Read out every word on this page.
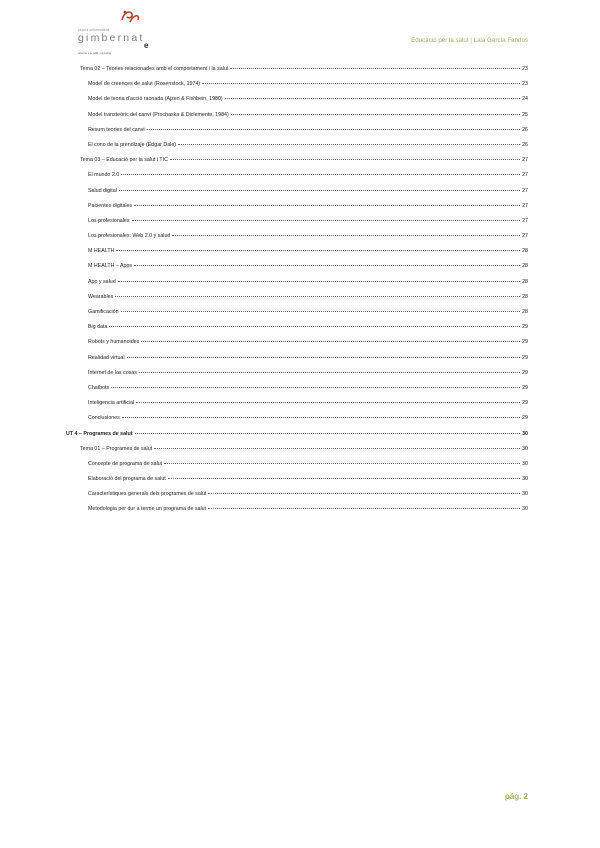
escola universitària
gimbernat
e
adscrita a la UAB · cantabria
Educació per la salut | Laia García Fandos
Tema 02 – Teories relacionades amb el comportament i la salut	23
Model de creences de salut (Rosenstock, 1974)	23
Model de teoria d'acció raonada (Ajzen & Fishbein, 1980)	24
Model transteòric del canvi (Prochaska & Diclemente, 1984)	25
Resum teories del canvi	26
El cono de la prendizaje (Edgar Dale)	26
Tema 03 – Educació per la salut i TIC	27
El mundo 2.0	27
Salud digital	27
Pacientes digitales	27
Los profesionales	27
Los profesionales: Web 2.0 y salud	27
M HEALTH	28
M HEALTH – Apps	28
App y salud	28
Wearables	28
Gamificación	28
Big data	29
Robots y humanoides	29
Realidad virtual	29
Internet de las cosas	29
Chatbots	29
Inteligencia artificial	29
Conclusiones	29
UT 4 – Programes de salut	30
Tema 01 – Programes de salut	30
Concepte de programa de salut	30
Elaboració del programa de salut	30
Característiques generals dels programes de salut	30
Metodologia per dur a terme un programa de salut	30
pág. 2
